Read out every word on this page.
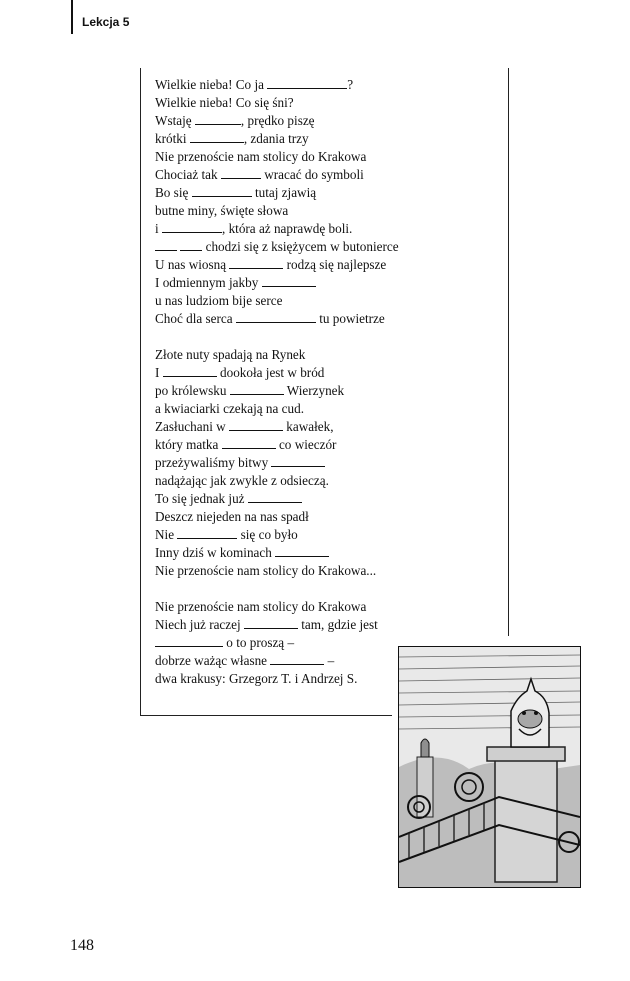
Lekcja 5
Wielkie nieba! Co ja	?
Wielkie nieba! Co się śni?
Wstaję	, prędko piszę
krótki	, zdania trzy
Nie przenoście nam stolicy do Krakowa
Chociaż tak	wracać do symboli
Bo się	tutaj zjawią
butne miny, święte słowa
i	, która aż naprawdę boli.
chodzi się z księżycem w butonierce
U nas wiosną	rodzą się najlepsze
I odmiennym jakby
u nas ludziom bije serce
Choć dla serca	tu powietrze
Złote nuty spadają na Rynek
I	dookoła jest w bród
po królewsku	Wierzynek
a kwiaciarki czekają na cud.
Zasłuchani w	kawałek,
który matka	co wieczór
przeżywaliśmy bitwy
nadążając jak zwykle z odsieczą.
To się jednak już
Deszcz niejeden na nas spadł
Nie	się co było
Inny dziś w kominach
Nie przenoście nam stolicy do Krakowa...
Nie przenoście nam stolicy do Krakowa
Niech już raczej	tam, gdzie jest
o to proszą –
dobrze ważąc własne	–
dwa krakusy: Grzegorz T. i Andrzej S.
148
